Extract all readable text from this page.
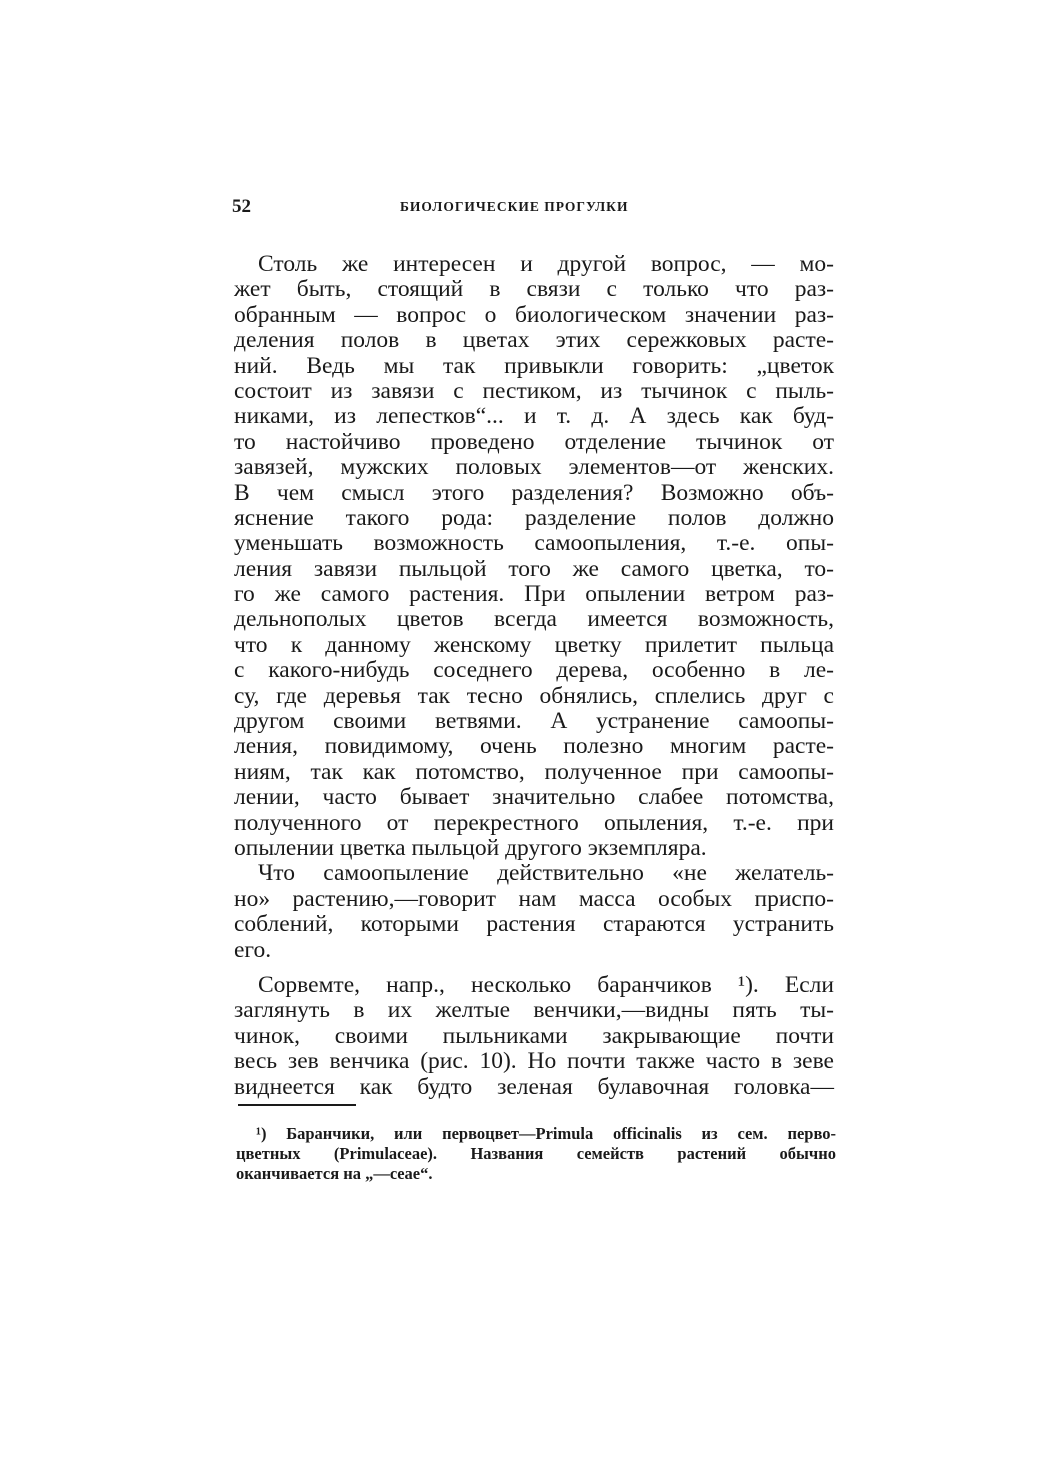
52	БИОЛОГИЧЕСКИЕ ПРОГУЛКИ
Столь же интересен и другой вопрос, — мо-
жет быть, стоящий в связи с только что раз-
обранным — вопрос о биологическом значении раз-
деления полов в цветах этих сережковых расте-
ний. Ведь мы так привыкли говорить: „цветок
состоит из завязи с пестиком, из тычинок с пыль-
никами, из лепестков“... и т. д. А здесь как буд-
то настойчиво проведено отделение тычинок от
завязей, мужских половых элементов—от женских.
В чем смысл этого разделения? Возможно объ-
яснение такого рода: разделение полов должно
уменьшать возможность самоопыления, т.-е. опы-
ления завязи пыльцой того же самого цветка, то-
го же самого растения. При опылении ветром раз-
дельнополых цветов всегда имеется возможность,
что к данному женскому цветку прилетит пыльца
с какого-нибудь соседнего дерева, особенно в ле-
су, где деревья так тесно обнялись, сплелись друг с
другом своими ветвями. А устранение самоопы-
ления, повидимому, очень полезно многим расте-
ниям, так как потомство, полученное при самоопы-
лении, часто бывает значительно слабее потомства,
полученного от перекрестного опыления, т.-е. при
опылении цветка пыльцой другого экземпляра.
Что самоопыление действительно «не желатель-
но» растению,—говорит нам масса особых приспо-
соблений, которыми растения стараются устранить
его.
Сорвемте, напр., несколько баранчиков ¹). Если
заглянуть в их желтые венчики,—видны пять ты-
чинок, своими пыльниками закрывающие почти
весь зев венчика (рис. 10). Но почти также часто в зеве
виднеется как будто зеленая булавочная головка—
¹) Баранчики, или первоцвет—Primula officinalis из сем. перво-
цветных (Primulaceae). Названия семейств растений обычно
оканчивается на „—ceae“.
